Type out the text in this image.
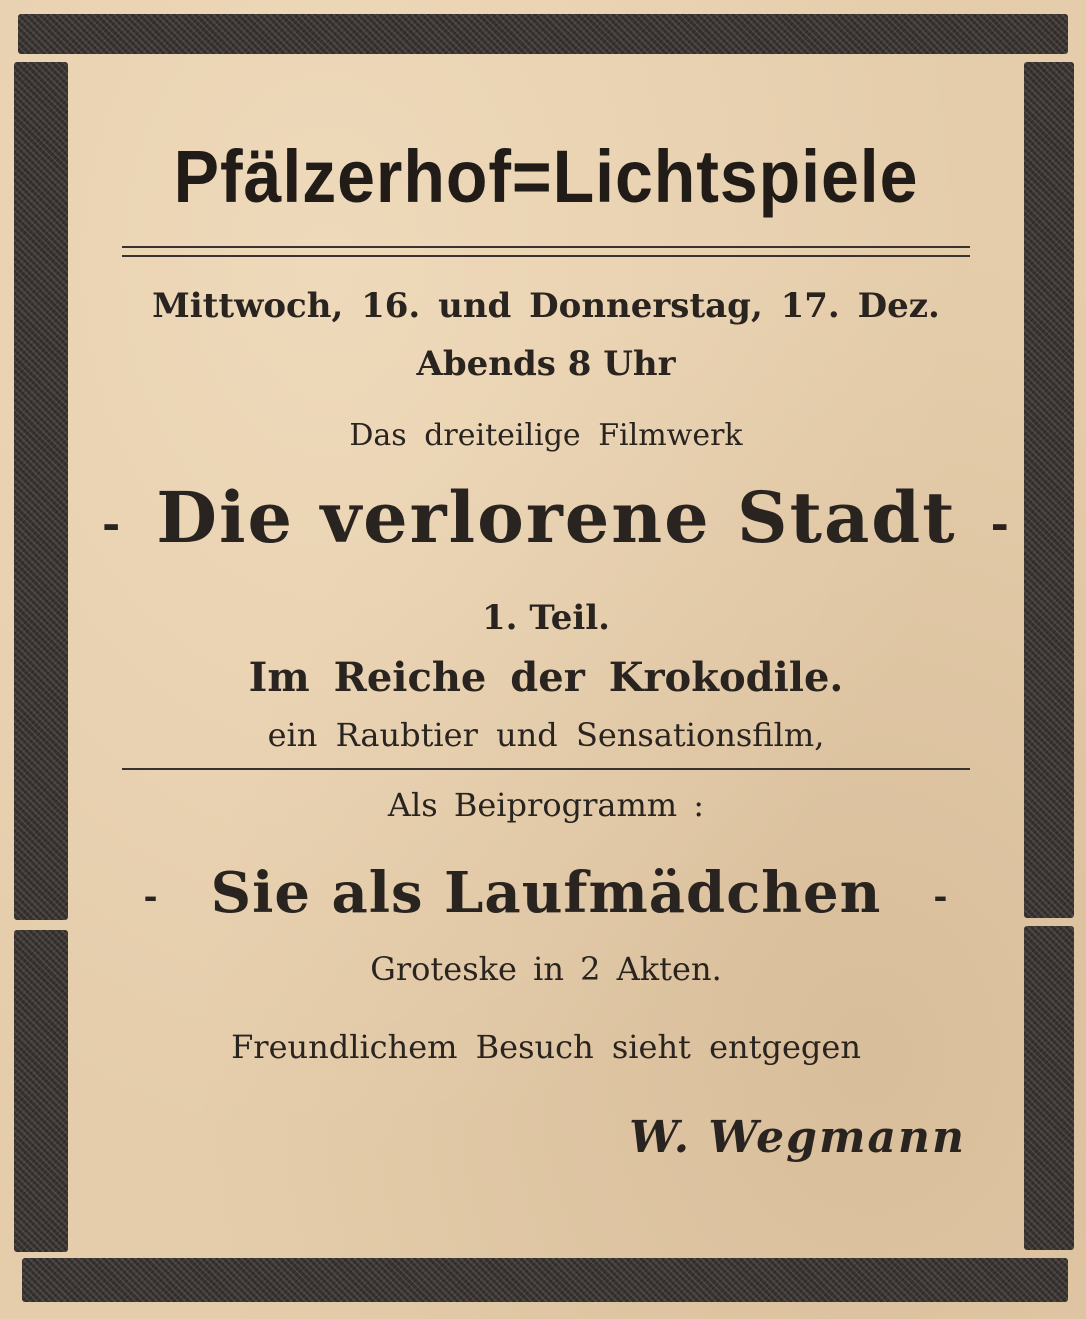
Pfälzerhof=Lichtspiele
Mittwoch, 16. und Donnerstag, 17. Dez.
Abends 8 Uhr
Das dreiteilige Filmwerk
- Die verlorene Stadt -
1. Teil.
Im Reiche der Krokodile.
ein Raubtier und Sensationsfilm,
Als Beiprogramm :
- Sie als Laufmädchen -
Groteske in 2 Akten.
Freundlichem Besuch sieht entgegen
W. Wegmann
